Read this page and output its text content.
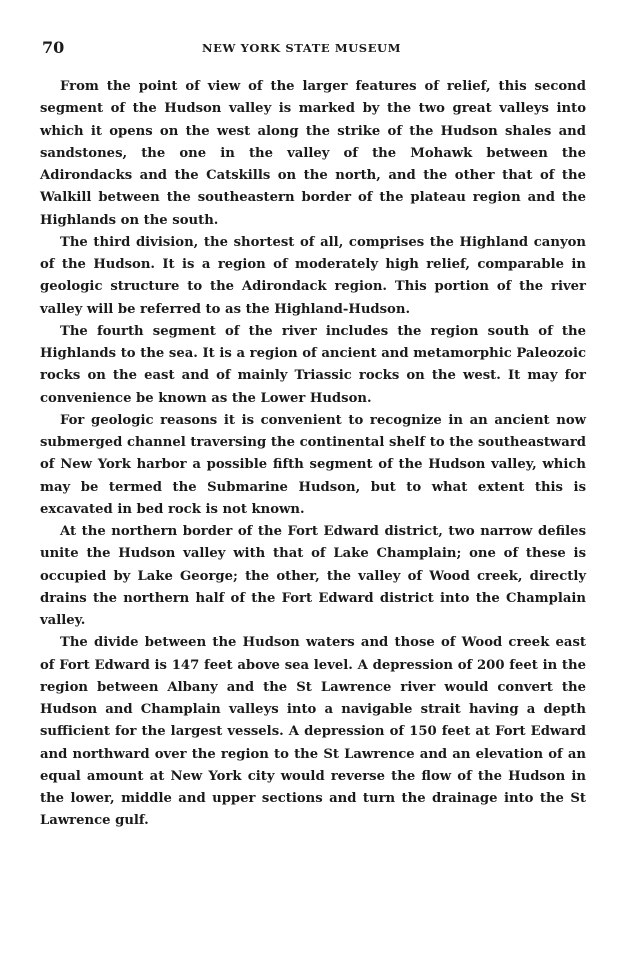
70	NEW YORK STATE MUSEUM

From the point of view of the larger features of relief, this second segment of the Hudson valley is marked by the two great valleys into which it opens on the west along the strike of the Hudson shales and sandstones, the one in the valley of the Mohawk between the Adirondacks and the Catskills on the north, and the other that of the Walkill between the southeastern border of the plateau region and the Highlands on the south.

The third division, the shortest of all, comprises the Highland canyon of the Hudson. It is a region of moderately high relief, comparable in geologic structure to the Adirondack region. This portion of the river valley will be referred to as the Highland-Hudson.

The fourth segment of the river includes the region south of the Highlands to the sea. It is a region of ancient and metamorphic Paleozoic rocks on the east and of mainly Triassic rocks on the west. It may for convenience be known as the Lower Hudson.

For geologic reasons it is convenient to recognize in an ancient now submerged channel traversing the continental shelf to the southeastward of New York harbor a possible fifth segment of the Hudson valley, which may be termed the Submarine Hudson, but to what extent this is excavated in bed rock is not known.

At the northern border of the Fort Edward district, two narrow defiles unite the Hudson valley with that of Lake Champlain; one of these is occupied by Lake George; the other, the valley of Wood creek, directly drains the northern half of the Fort Edward district into the Champlain valley.

The divide between the Hudson waters and those of Wood creek east of Fort Edward is 147 feet above sea level. A depression of 200 feet in the region between Albany and the St Lawrence river would convert the Hudson and Champlain valleys into a navigable strait having a depth sufficient for the largest vessels. A depression of 150 feet at Fort Edward and northward over the region to the St Lawrence and an elevation of an equal amount at New York city would reverse the flow of the Hudson in the lower, middle and upper sections and turn the drainage into the St Lawrence gulf.
